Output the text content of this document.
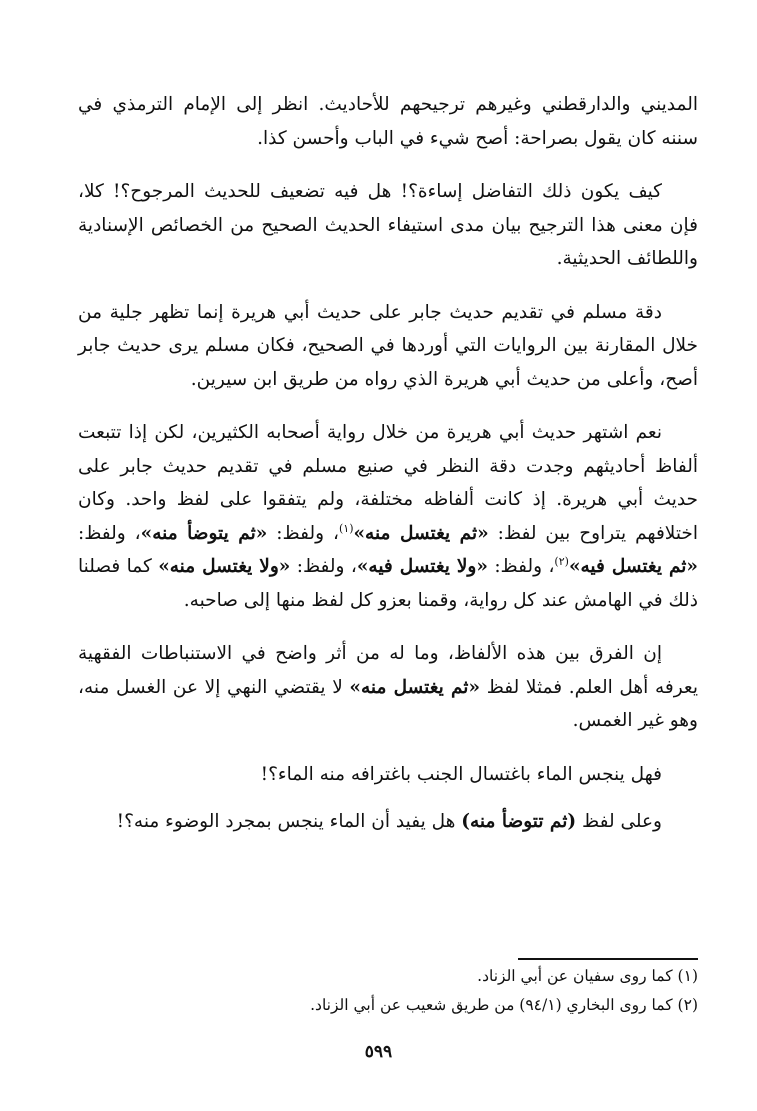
المديني والدارقطني وغيرهم ترجيحهم للأحاديث. انظر إلى الإمام الترمذي في سننه كان يقول بصراحة: أصح شيء في الباب وأحسن كذا.

كيف يكون ذلك التفاضل إساءة؟! هل فيه تضعيف للحديث المرجوح؟! كلا، فإن معنى هذا الترجيح بيان مدى استيفاء الحديث الصحيح من الخصائص الإسنادية واللطائف الحديثية.

دقة مسلم في تقديم حديث جابر على حديث أبي هريرة إنما تظهر جلية من خلال المقارنة بين الروايات التي أوردها في الصحيح، فكان مسلم يرى حديث جابر أصح، وأعلى من حديث أبي هريرة الذي رواه من طريق ابن سيرين.

نعم اشتهر حديث أبي هريرة من خلال رواية أصحابه الكثيرين، لكن إذا تتبعت ألفاظ أحاديثهم وجدت دقة النظر في صنيع مسلم في تقديم حديث جابر على حديث أبي هريرة. إذ كانت ألفاظه مختلفة، ولم يتفقوا على لفظ واحد. وكان اختلافهم يتراوح بين لفظ: «ثم يغتسل منه»$^{(١)}$، ولفظ: «ثم يتوضأ منه»، ولفظ: «ثم يغتسل فيه»$^{(٢)}$، ولفظ: «ولا يغتسل فيه»، ولفظ: «ولا يغتسل منه» كما فصلنا ذلك في الهامش عند كل رواية، وقمنا بعزو كل لفظ منها إلى صاحبه.

إن الفرق بين هذه الألفاظ، وما له من أثر واضح في الاستنباطات الفقهية يعرفه أهل العلم. فمثلا لفظ «ثم يغتسل منه» لا يقتضي النهي إلا عن الغسل منه، وهو غير الغمس.

فهل ينجس الماء باغتسال الجنب باغترافه منه الماء؟!

وعلى لفظ (ثم تتوضأ منه) هل يفيد أن الماء ينجس بمجرد الوضوء منه؟!

(١) كما روى سفيان عن أبي الزناد.

(٢) كما روى البخاري (٩٤/١) من طريق شعيب عن أبي الزناد.

٥٩٩
